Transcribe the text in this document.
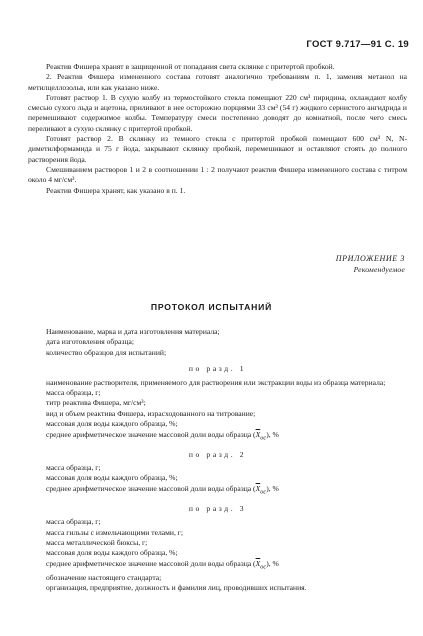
ГОСТ 9.717—91 С. 19

Реактив Фишера хранят в защищенной от попадания света склянке с притертой пробкой.

2. Реактив Фишера измененного состава готовят аналогично требованиям п. 1, заменяя метанол на метилцеллозольв, или как указано ниже.

Готовят раствор 1. В сухую колбу из термостойкого стекла помещают 220 см³ пиридина, охлаждают колбу смесью сухого льда и ацетона, приливают в нее осторожно порциями 33 см³ (54 г) жидкого сернистого ангидрида и перемешивают содержимое колбы. Температуру смеси постепенно доводят до комнатной, после чего смесь переливают в сухую склянку с притертой пробкой.

Готовят раствор 2. В склянку из темного стекла с притертой пробкой помещают 600 см³ N, N-диметилформамида и 75 г йода, закрывают склянку пробкой, перемешивают и оставляют стоять до полного растворения йода.

Смешиванием растворов 1 и 2 в соотношении 1 : 2 получают реактив Фишера измененного состава с титром около 4 мг/см³.

Реактив Фишера хранят, как указано в п. 1.

ПРИЛОЖЕНИЕ 3
Рекомендуемое
ПРОТОКОЛ ИСПЫТАНИЙ

Наименование, марка и дата изготовления материала;

дата изготовления образца;

количество образцов для испытаний;

по разд. 1

наименование растворителя, применяемого для растворения или экстракции воды из образца материала;

масса образца, г;

титр реактива Фишера, мг/см³;

вид и объем реактива Фишера, израсходованного на титрование;

массовая доля воды каждого образца, %;

среднее арифметическое значение массовой доли воды образца $(\overline{X}_{ос})$, %

по разд. 2

масса образца, г;

массовая доля воды каждого образца, %;

среднее арифметическое значение массовой доли воды образца $(\overline{X}_{ос})$, %

по разд. 3

масса образца, г;

масса гильзы с измельчающими телами, г;

масса металлической бюксы, г;

массовая доля воды каждого образца, %;

среднее арифметическое значение массовой доли воды образца $(\overline{X}_{ос})$, %

обозначение настоящего стандарта;

организация, предприятие, должность и фамилия лиц, проводивших испытания.
